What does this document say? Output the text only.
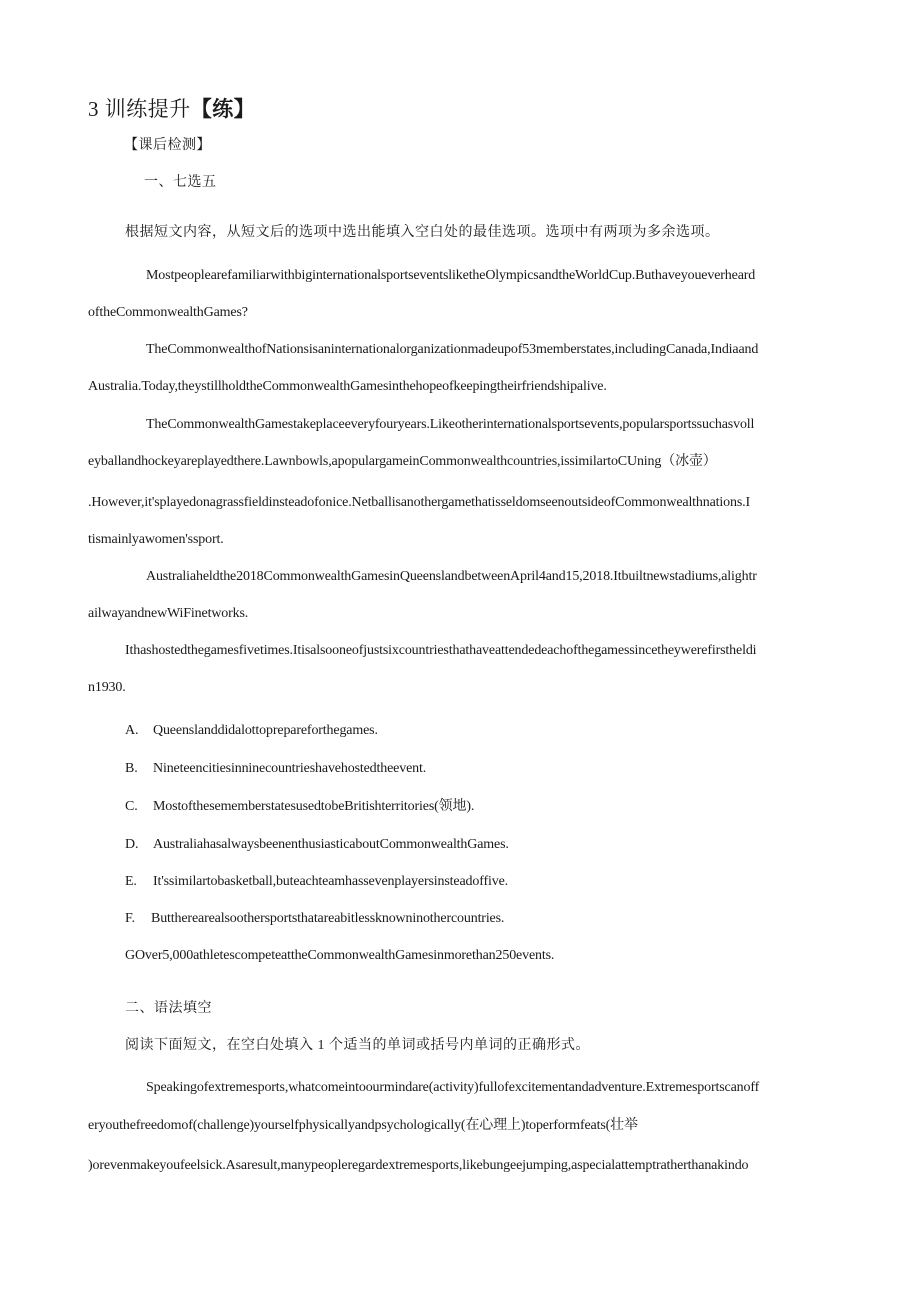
3 训练提升【练】
【课后检测】
一、七选五
根据短文内容，从短文后的选项中选出能填入空白处的最佳选项。选项中有两项为多余选项。
MostpeoplearefamiliarwithbiginternationalsportseventsliketheOlympicsandtheWorldCup.Buthaveyoueverheard
oftheCommonwealthGames?
TheCommonwealthofNationsisaninternationalorganizationmadeupof53memberstates,includingCanada,Indiaand
Australia.Today,theystillholdtheCommonwealthGamesinthehopeofkeepingtheirfriendshipalive.
TheCommonwealthGamestakeplaceeveryfouryears.Likeotherinternationalsportsevents,popularsportssuchasvoll
eyballandhockeyareplayedthere.Lawnbowls,apopulargameinCommonwealthcountries,issimilartoCUning（冰壶）
.However,it'splayedonagrassfieldinsteadofonice.NetballisanothergamethatisseldomseenoutsideofCommonwealthnations.I
tismainlyawomen'ssport.
Australiaheldthe2018CommonwealthGamesinQueenslandbetweenApril4and15,2018.Itbuiltnewstadiums,alightr
ailwayandnewWiFinetworks.
Ithashostedthegamesfivetimes.Itisalsooneofjustsixcountriesthathaveattendedeachofthegamessincetheywerefirstheldi
n1930.
A. Queenslanddidalottoprepareforthegames.
B. Nineteencitiesinninecountrieshavehostedtheevent.
C. MostofthesememberstatesusedtobeBritishterritories(领地).
D. AustraliahasalwaysbeenenthusiasticaboutCommonwealthGames.
E. It'ssimilartobasketball,buteachteamhassevenplayersinsteadoffive.
F. Buttherearealsoothersportsthatareabitlessknowninothercountries.
GOver5,000athletescompeteattheCommonwealthGamesinmorethan250events.
二、语法填空
阅读下面短文，在空白处填入 1 个适当的单词或括号内单词的正确形式。
Speakingofextremesports,whatcomeintoourmindare(activity)fullofexcitementandadventure.Extremesportscanoff
eryouthefreedomof(challenge)yourselfphysicallyandpsychologically(在心理上)toperformfeats(壮举
)orevenmakeyoufeelsick.Asaresult,manypeopleregardextremesports,likebungeejumping,aspecialattemptratherthanakindo
